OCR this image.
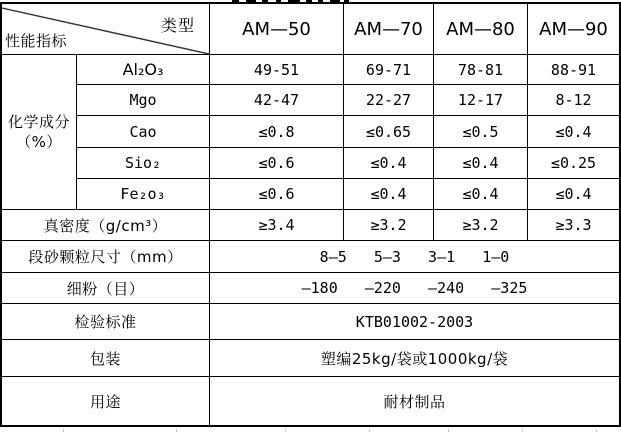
类型
性能指标
AM—50	AM—70	AM—80	AM—90
化学成分
（%）
Al₂O₃	49-51	69-71	78-81	88-91
Mgo	42-47	22-27	12-17	8-12
Cao	≤0.8	≤0.65	≤0.5	≤0.4
Sio₂	≤0.6	≤0.4	≤0.4	≤0.25
Fe₂o₃	≤0.6	≤0.4	≤0.4	≤0.4
真密度（g/cm³）	≥3.4	≥3.2	≥3.2	≥3.3
段砂颗粒尺寸（mm）	8—5   5—3   3—1   1—0
细粉（目）	—180   —220   —240   —325
检验标准	KTB01002-2003
包装	塑编25kg/袋或1000kg/袋
用途	耐材制品
